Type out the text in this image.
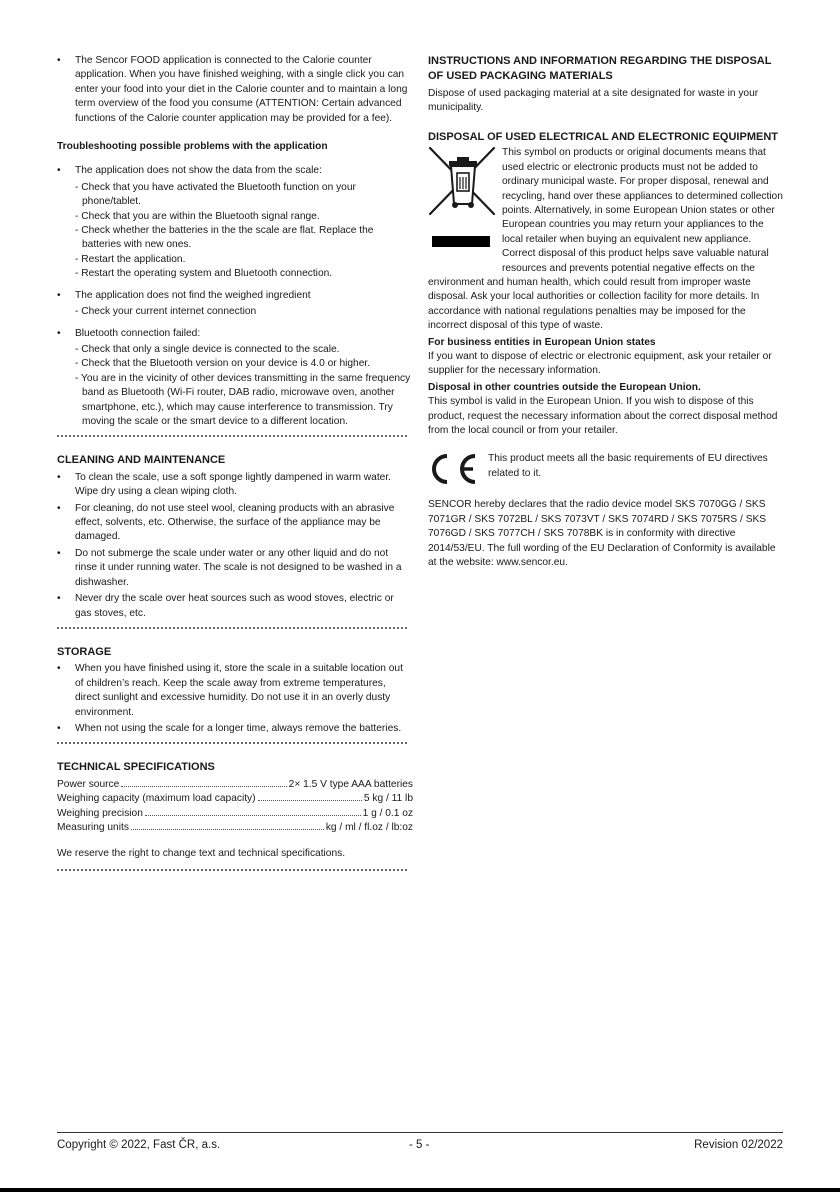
• The Sencor FOOD application is connected to the Calorie counter application. When you have finished weighing, with a single click you can enter your food into your diet in the Calorie counter and to maintain a long term overview of the food you consume (ATTENTION: Certain advanced functions of the Calorie counter application may be provided for a fee).

Troubleshooting possible problems with the application

• The application does not show the data from the scale:
- Check that you have activated the Bluetooth function on your phone/tablet.
- Check that you are within the Bluetooth signal range.
- Check whether the batteries in the the scale are flat. Replace the batteries with new ones.
- Restart the application.
- Restart the operating system and Bluetooth connection.
• The application does not find the weighed ingredient
- Check your current internet connection
• Bluetooth connection failed:
- Check that only a single device is connected to the scale.
- Check that the Bluetooth version on your device is 4.0 or higher.
- You are in the vicinity of other devices transmitting in the same frequency band as Bluetooth (Wi-Fi router, DAB radio, microwave oven, another smartphone, etc.), which may cause interference to transmission. Try moving the scale or the smart device to a different location.

CLEANING AND MAINTENANCE

• To clean the scale, use a soft sponge lightly dampened in warm water. Wipe dry using a clean wiping cloth.
• For cleaning, do not use steel wool, cleaning products with an abrasive effect, solvents, etc. Otherwise, the surface of the appliance may be damaged.
• Do not submerge the scale under water or any other liquid and do not rinse it under running water. The scale is not designed to be washed in a dishwasher.
• Never dry the scale over heat sources such as wood stoves, electric or gas stoves, etc.

STORAGE

• When you have finished using it, store the scale in a suitable location out of children’s reach. Keep the scale away from extreme temperatures, direct sunlight and excessive humidity. Do not use it in an overly dusty environment.
• When not using the scale for a longer time, always remove the batteries.

TECHNICAL SPECIFICATIONS

Power source	2× 1.5 V type AAA batteries
Weighing capacity (maximum load capacity)	5 kg / 11 lb
Weighing precision	1 g / 0.1 oz
Measuring units	kg / ml / fl.oz / lb:oz

We reserve the right to change text and technical specifications.

INSTRUCTIONS AND INFORMATION REGARDING THE DISPOSAL OF USED PACKAGING MATERIALS

Dispose of used packaging material at a site designated for waste in your municipality.

DISPOSAL OF USED ELECTRICAL AND ELECTRONIC EQUIPMENT

This symbol on products or original documents means that used electric or electronic products must not be added to ordinary municipal waste. For proper disposal, renewal and recycling, hand over these appliances to determined collection points. Alternatively, in some European Union states or other European countries you may return your appliances to the local retailer when buying an equivalent new appliance. Correct disposal of this product helps save valuable natural resources and prevents potential negative effects on the environment and human health, which could result from improper waste disposal. Ask your local authorities or collection facility for more details. In accordance with national regulations penalties may be imposed for the incorrect disposal of this type of waste.

For business entities in European Union states

If you want to dispose of electric or electronic equipment, ask your retailer or supplier for the necessary information.

Disposal in other countries outside the European Union.

This symbol is valid in the European Union. If you wish to dispose of this product, request the necessary information about the correct disposal method from the local council or from your retailer.

This product meets all the basic requirements of EU directives related to it.

SENCOR hereby declares that the radio device model SKS 7070GG / SKS 7071GR / SKS 7072BL / SKS 7073VT / SKS 7074RD / SKS 7075RS / SKS 7076GD / SKS 7077CH / SKS 7078BK is in conformity with directive 2014/53/EU. The full wording of the EU Declaration of Conformity is available at the website: www.sencor.eu.

Copyright © 2022, Fast ČR, a.s.	- 5 -	Revision 02/2022
